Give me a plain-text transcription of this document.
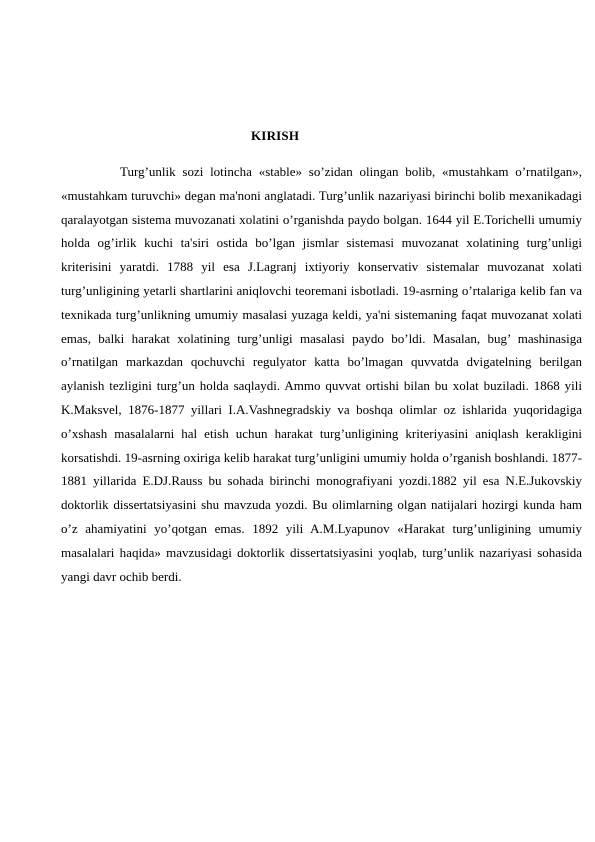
KIRISH

Turg’unlik sozi lotincha «stable» so’zidan olingan bolib, «mustahkam o’rnatilgan», «mustahkam turuvchi» degan ma'noni anglatadi. Turg’unlik nazariyasi birinchi bolib mexanikadagi qaralayotgan sistema muvozanati xolatini o’rganishda paydo bolgan. 1644 yil E.Torichelli umumiy holda og’irlik kuchi ta'siri ostida bo’lgan jismlar sistemasi muvozanat xolatining turg’unligi kriterisini yaratdi. 1788 yil esa J.Lagranj ixtiyoriy konservativ sistemalar muvozanat xolati turg’unligining yetarli shartlarini aniqlovchi teoremani isbotladi. 19-asrning o’rtalariga kelib fan va texnikada turg’unlikning umumiy masalasi yuzaga keldi, ya'ni sistemaning faqat muvozanat xolati emas, balki harakat xolatining turg’unligi masalasi paydo bo’ldi. Masalan, bug’ mashinasiga o’rnatilgan markazdan qochuvchi regulyator katta bo’lmagan quvvatda dvigatelning berilgan aylanish tezligini turg’un holda saqlaydi. Ammo quvvat ortishi bilan bu xolat buziladi. 1868 yili K.Maksvel, 1876-1877 yillari I.A.Vashnegradskiy va boshqa olimlar oz ishlarida yuqoridagiga o’xshash masalalarni hal etish uchun harakat turg’unligining kriteriyasini aniqlash kerakligini korsatishdi. 19-asrning oxiriga kelib harakat turg’unligini umumiy holda o’rganish boshlandi. 1877-1881 yillarida E.DJ.Rauss bu sohada birinchi monografiyani yozdi.1882 yil esa N.E.Jukovskiy doktorlik dissertatsiyasini shu mavzuda yozdi. Bu olimlarning olgan natijalari hozirgi kunda ham o’z ahamiyatini yo’qotgan emas. 1892 yili A.M.Lyapunov «Harakat turg’unligining umumiy masalalari haqida» mavzusidagi doktorlik dissertatsiyasini yoqlab, turg’unlik nazariyasi sohasida yangi davr ochib berdi.
